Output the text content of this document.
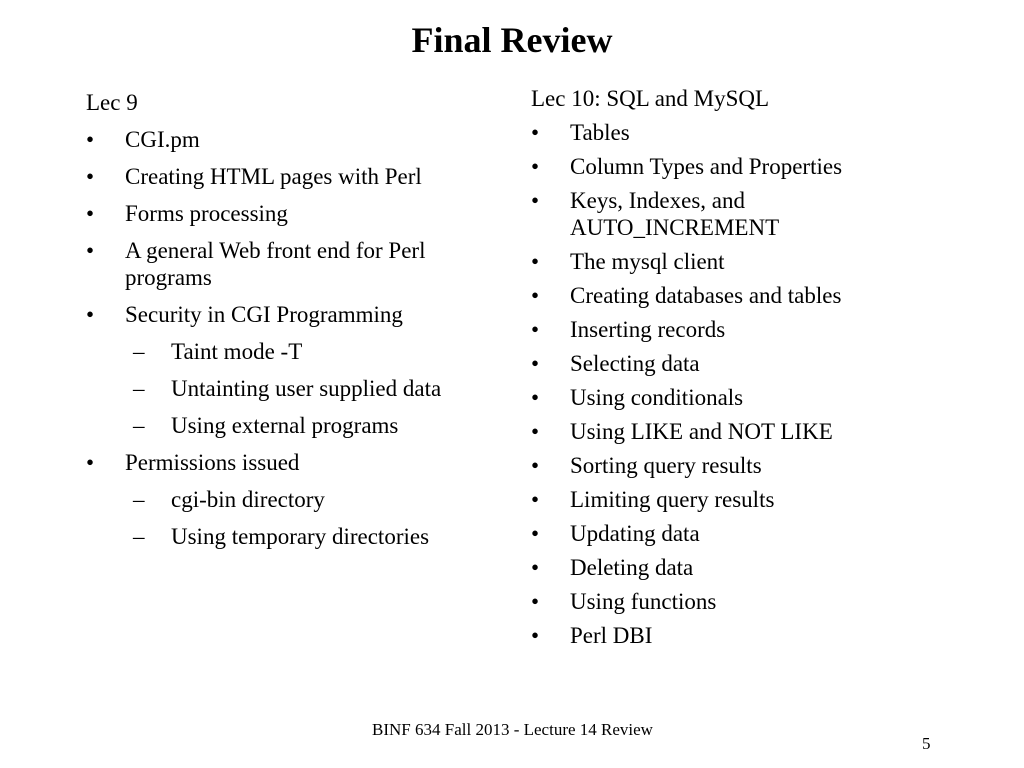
Final Review
Lec 9
•	CGI.pm
•	Creating HTML pages with Perl
•	Forms processing
•	A general Web front end for Perl programs
•	Security in CGI Programming
–	Taint mode -T
–	Untainting user supplied data
–	Using external programs
•	Permissions issued
–	cgi-bin directory
–	Using temporary directories
Lec 10: SQL and MySQL
•	Tables
•	Column Types and Properties
•	Keys, Indexes, and AUTO_INCREMENT
•	The mysql client
•	Creating databases and tables
•	Inserting records
•	Selecting data
•	Using conditionals
•	Using LIKE and NOT LIKE
•	Sorting query results
•	Limiting query results
•	Updating data
•	Deleting data
•	Using functions
•	Perl DBI
BINF 634 Fall 2013 - Lecture 14 Review
5
